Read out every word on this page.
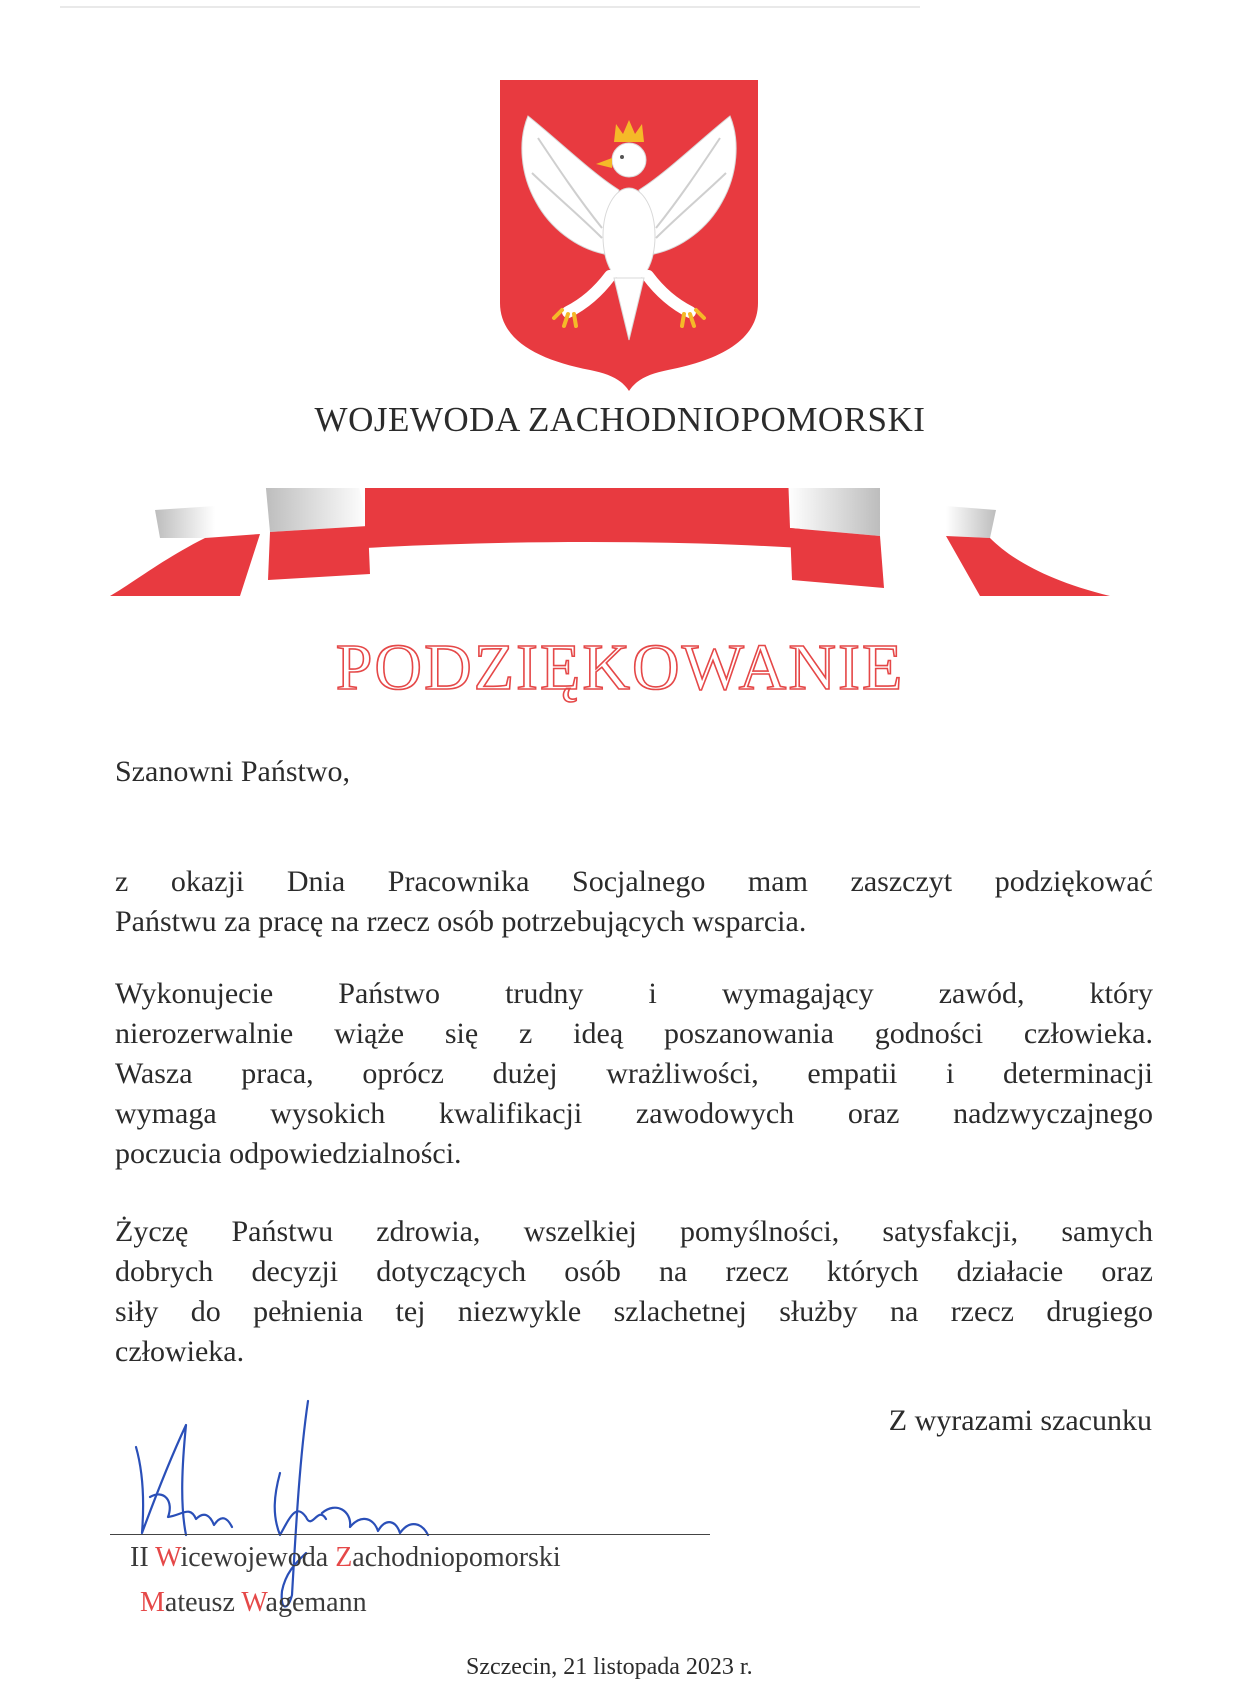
WOJEWODA ZACHODNIOPOMORSKI
PODZIĘKOWANIE
Szanowni Państwo,
z okazji Dnia Pracownika Socjalnego mam zaszczyt podziękować
Państwu za pracę na rzecz osób potrzebujących wsparcia.
Wykonujecie Państwo trudny i wymagający zawód, który
nierozerwalnie wiąże się z ideą poszanowania godności człowieka.
Wasza praca, oprócz dużej wrażliwości, empatii i determinacji
wymaga wysokich kwalifikacji zawodowych oraz nadzwyczajnego
poczucia odpowiedzialności.
Życzę Państwu zdrowia, wszelkiej pomyślności, satysfakcji, samych
dobrych decyzji dotyczących osób na rzecz których działacie oraz
siły do pełnienia tej niezwykle szlachetnej służby na rzecz drugiego
człowieka.
Z wyrazami szacunku
II Wicewojewoda Zachodniopomorski
Mateusz Wagemann
Szczecin, 21 listopada 2023 r.
